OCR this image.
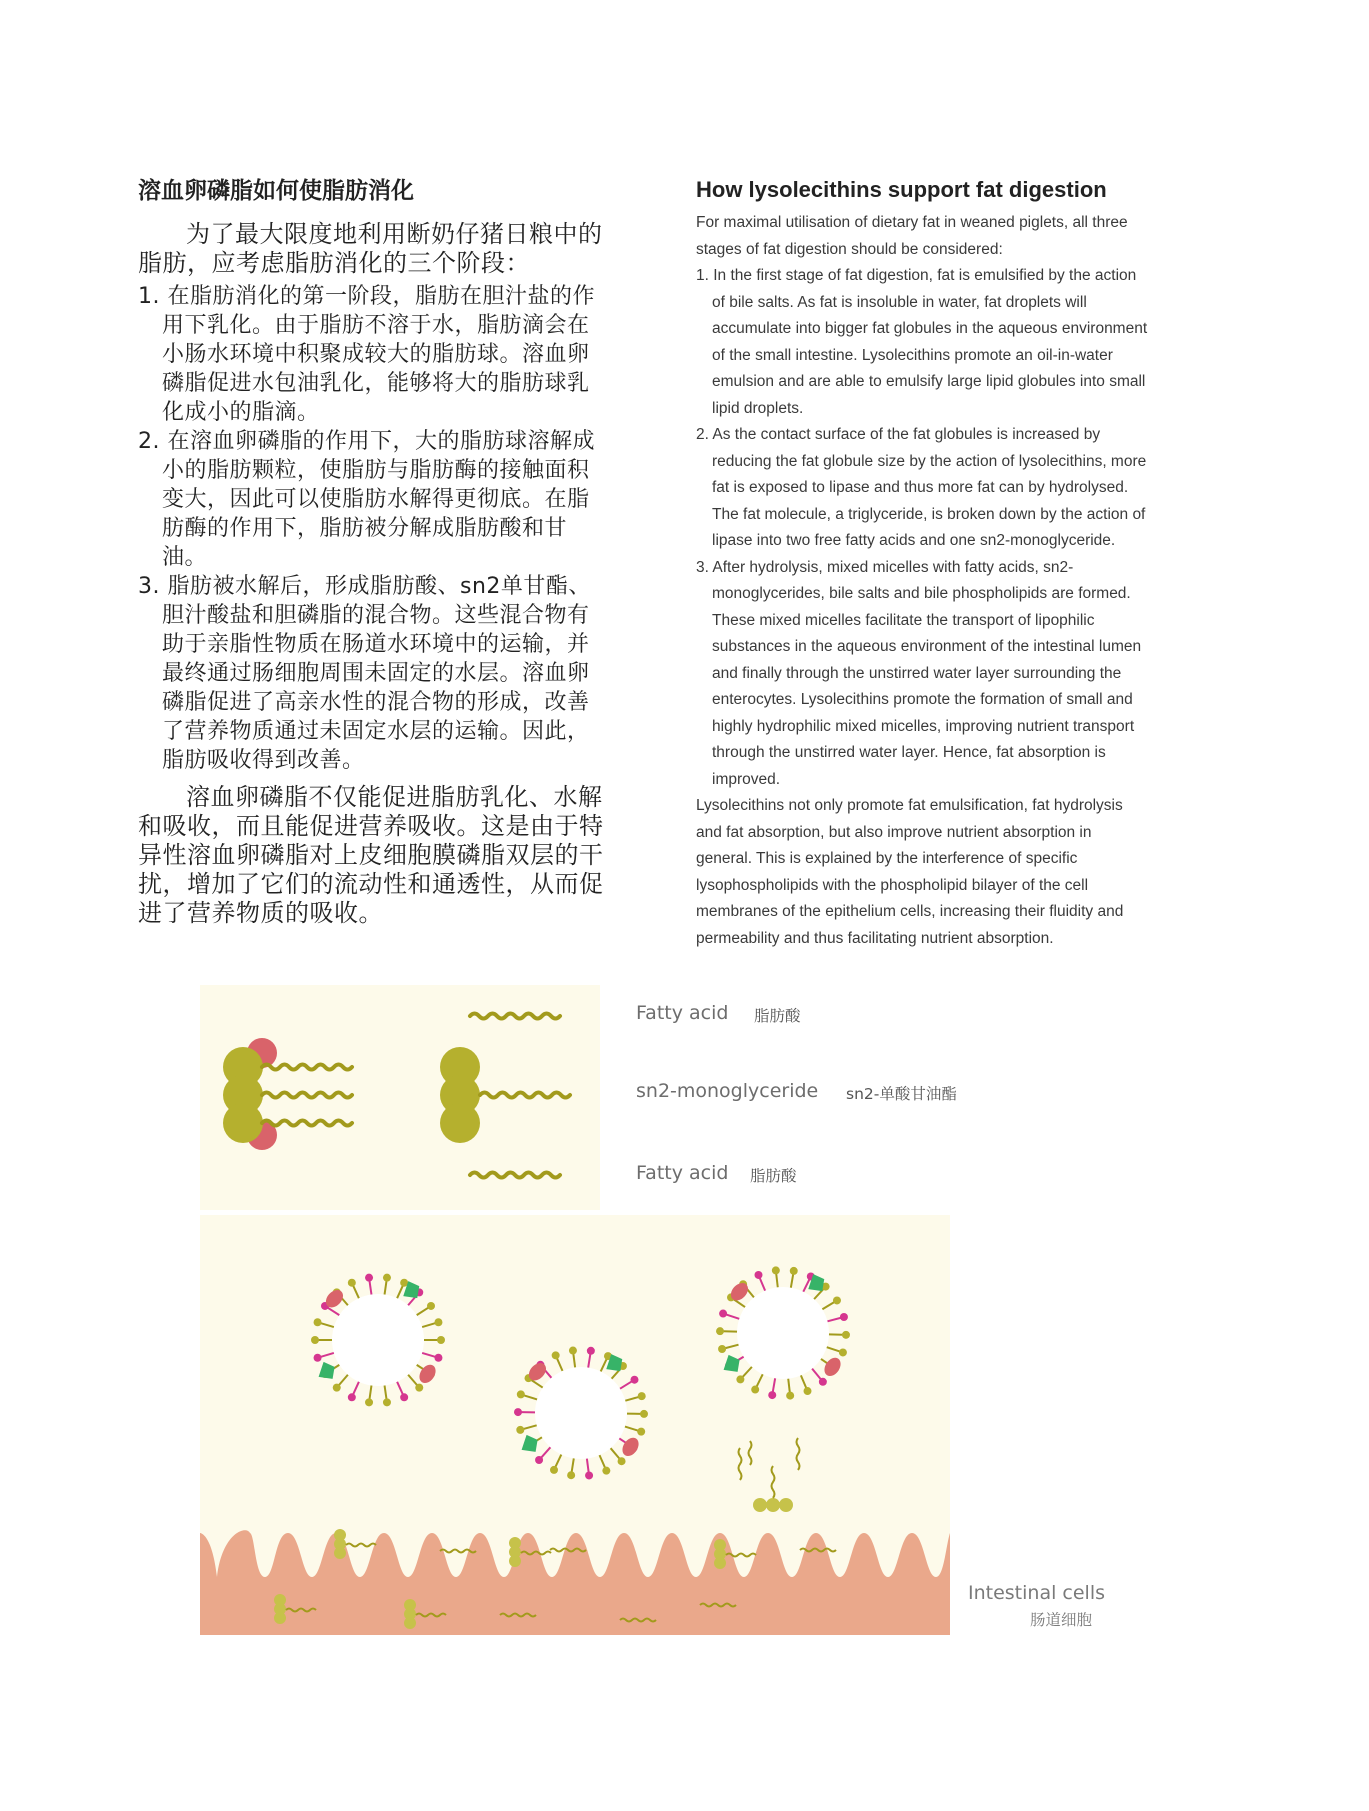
溶血卵磷脂如何使脂肪消化

为了最大限度地利用断奶仔猪日粮中的脂肪，应考虑脂肪消化的三个阶段：

1. 在脂肪消化的第一阶段，脂肪在胆汁盐的作用下乳化。由于脂肪不溶于水，脂肪滴会在小肠水环境中积聚成较大的脂肪球。溶血卵磷脂促进水包油乳化，能够将大的脂肪球乳化成小的脂滴。
2. 在溶血卵磷脂的作用下，大的脂肪球溶解成小的脂肪颗粒，使脂肪与脂肪酶的接触面积变大，因此可以使脂肪水解得更彻底。在脂肪酶的作用下，脂肪被分解成脂肪酸和甘油。
3. 脂肪被水解后，形成脂肪酸、sn2单甘酯、胆汁酸盐和胆磷脂的混合物。这些混合物有助于亲脂性物质在肠道水环境中的运输，并最终通过肠细胞周围未固定的水层。溶血卵磷脂促进了高亲水性的混合物的形成，改善了营养物质通过未固定水层的运输。因此，脂肪吸收得到改善。

溶血卵磷脂不仅能促进脂肪乳化、水解和吸收，而且能促进营养吸收。这是由于特异性溶血卵磷脂对上皮细胞膜磷脂双层的干扰，增加了它们的流动性和通透性，从而促进了营养物质的吸收。

How lysolecithins support fat digestion

For maximal utilisation of dietary fat in weaned piglets, all three stages of fat digestion should be considered:

1. In the first stage of fat digestion, fat is emulsified by the action of bile salts. As fat is insoluble in water, fat droplets will accumulate into bigger fat globules in the aqueous environment of the small intestine. Lysolecithins promote an oil-in-water emulsion and are able to emulsify large lipid globules into small lipid droplets.
2. As the contact surface of the fat globules is increased by reducing the fat globule size by the action of lysolecithins, more fat is exposed to lipase and thus more fat can by hydrolysed. The fat molecule, a triglyceride, is broken down by the action of lipase into two free fatty acids and one sn2-monoglyceride.
3. After hydrolysis, mixed micelles with fatty acids, sn2-monoglycerides, bile salts and bile phospholipids are formed. These mixed micelles facilitate the transport of lipophilic substances in the aqueous environment of the intestinal lumen and finally through the unstirred water layer surrounding the enterocytes. Lysolecithins promote the formation of small and highly hydrophilic mixed micelles, improving nutrient transport through the unstirred water layer. Hence, fat absorption is improved.

Lysolecithins not only promote fat emulsification, fat hydrolysis and fat absorption, but also improve nutrient absorption in general. This is explained by the interference of specific lysophospholipids with the phospholipid bilayer of the cell membranes of the epithelium cells, increasing their fluidity and permeability and thus facilitating nutrient absorption.

Fatty acid 脂肪酸
sn2-monoglyceride sn2-单酸甘油酯
Fatty acid 脂肪酸
Intestinal cells
肠道细胞
